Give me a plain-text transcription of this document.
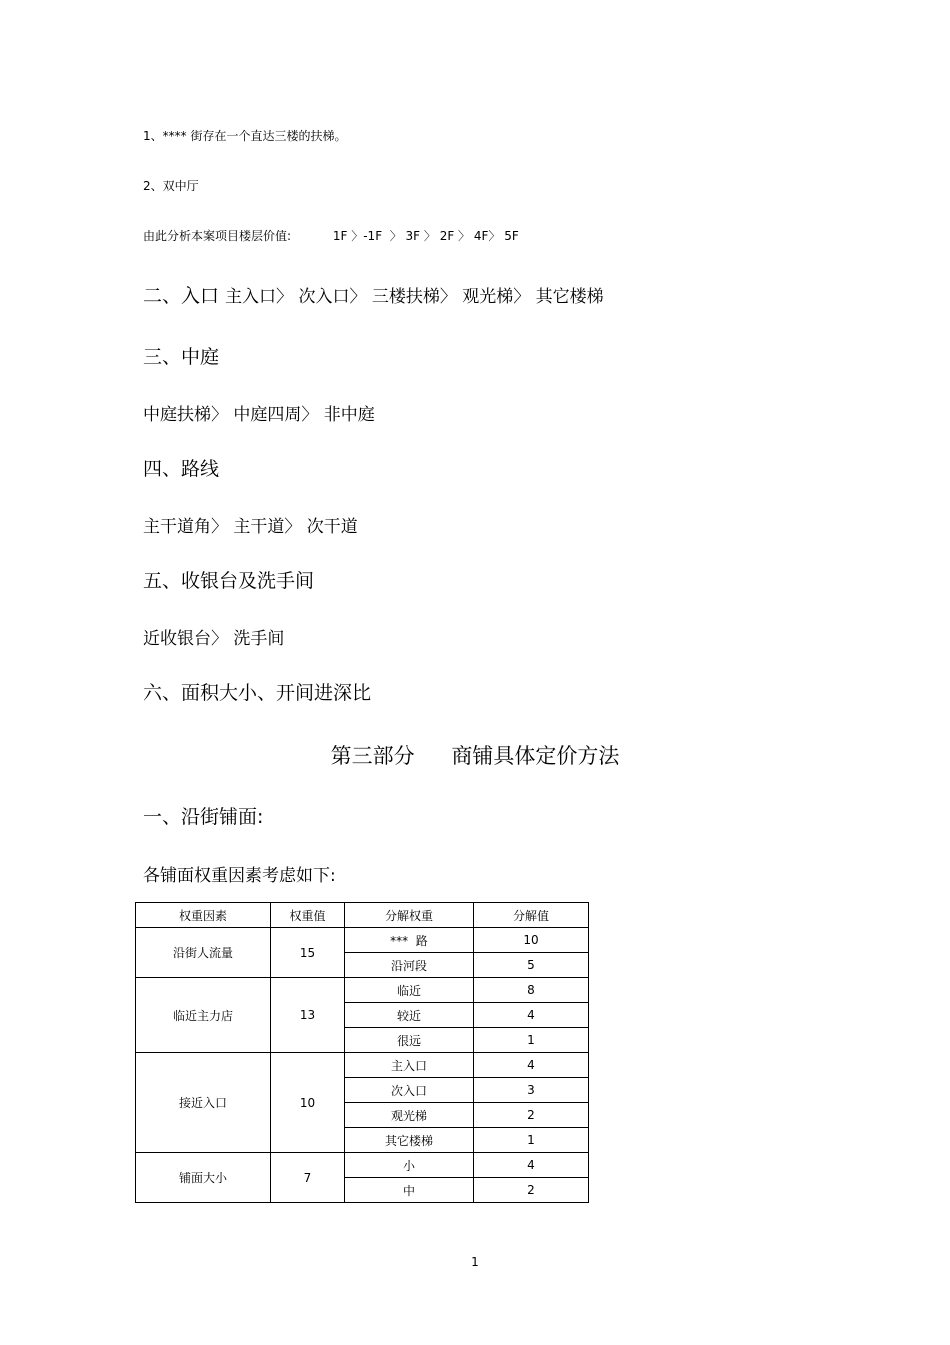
1、**** 街存在一个直达三楼的扶梯。
2、双中厅
由此分析本案项目楼层价值:	1F 〉-1F  〉 3F 〉 2F 〉 4F〉 5F
二、入口 主入口〉 次入口〉 三楼扶梯〉 观光梯〉 其它楼梯
三、中庭
中庭扶梯〉 中庭四周〉 非中庭
四、路线
主干道角〉 主干道〉 次干道
五、收银台及洗手间
近收银台〉 洗手间
六、面积大小、开间进深比
第三部分 商铺具体定价方法
一、沿街铺面:
各铺面权重因素考虑如下:
权重因素	权重值	分解权重	分解值
沿街人流量	15	***  路	10
		沿河段	5
临近主力店	13	临近	8
		较近	4
		很远	1
接近入口	10	主入口	4
		次入口	3
		观光梯	2
		其它楼梯	1
铺面大小	7	小	4
		中	2
1
